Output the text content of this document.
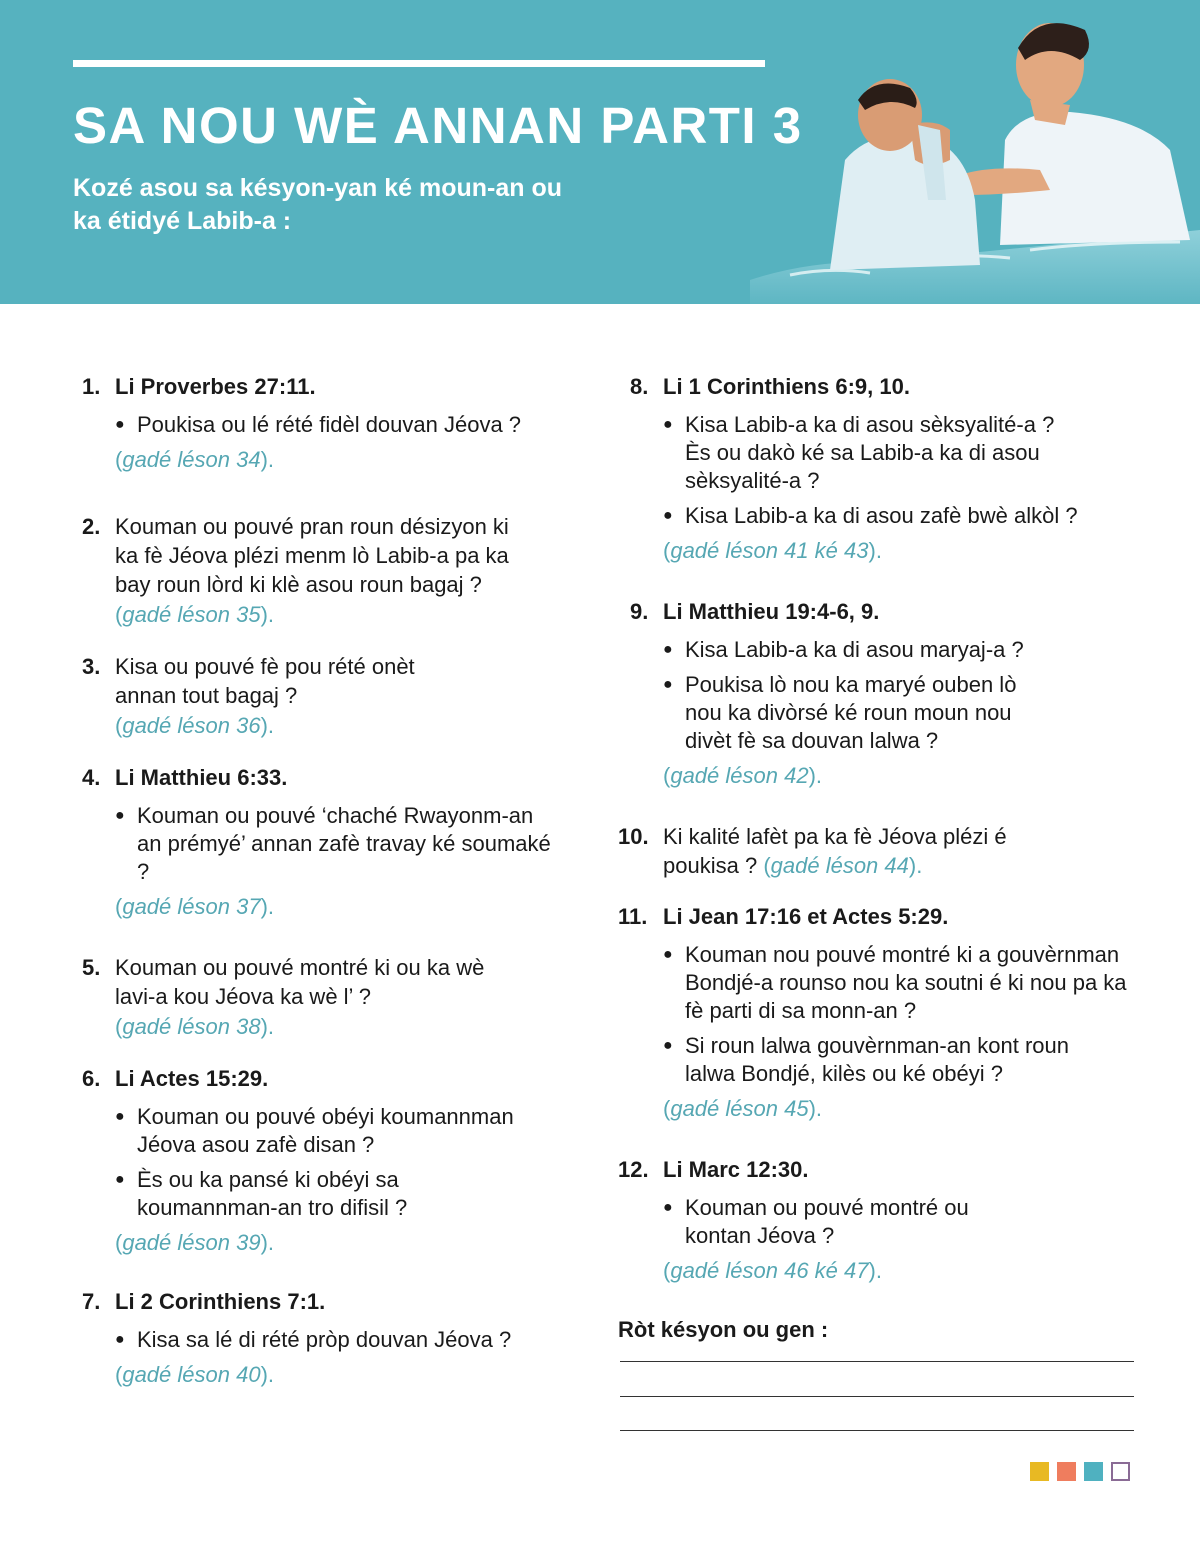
SA NOU WÈ ANNAN PARTI 3
Kozé asou sa késyon-yan ké moun-an ou ka étidyé Labib-a :
1. Li Proverbes 27:11.
● Poukisa ou lé rété fidèl douvan Jéova ?
(gadé léson 34).
2. Kouman ou pouvé pran roun désizyon ki ka fè Jéova plézi menm lò Labib-a pa ka bay roun lòrd ki klè asou roun bagaj ?
(gadé léson 35).
3. Kisa ou pouvé fè pou rété onèt annan tout bagaj ?
(gadé léson 36).
4. Li Matthieu 6:33.
● Kouman ou pouvé ‘chaché Rwayonm-an an prémyé’ annan zafè travay ké soumaké ?
(gadé léson 37).
5. Kouman ou pouvé montré ki ou ka wè lavi-a kou Jéova ka wè l’ ?
(gadé léson 38).
6. Li Actes 15:29.
● Kouman ou pouvé obéyi koumannman Jéova asou zafè disan ?
● Ès ou ka pansé ki obéyi sa koumannman-an tro difisil ?
(gadé léson 39).
7. Li 2 Corinthiens 7:1.
● Kisa sa lé di rété pròp douvan Jéova ?
(gadé léson 40).
8. Li 1 Corinthiens 6:9, 10.
● Kisa Labib-a ka di asou sèksyalité-a ? Ès ou dakò ké sa Labib-a ka di asou sèksyalité-a ?
● Kisa Labib-a ka di asou zafè bwè alkòl ?
(gadé léson 41 ké 43).
9. Li Matthieu 19:4-6, 9.
● Kisa Labib-a ka di asou maryaj-a ?
● Poukisa lò nou ka maryé ouben lò nou ka divòrsé ké roun moun nou divèt fè sa douvan lalwa ?
(gadé léson 42).
10. Ki kalité lafèt pa ka fè Jéova plézi é poukisa ? (gadé léson 44).
11. Li Jean 17:16 et Actes 5:29.
● Kouman nou pouvé montré ki a gouvèrnman Bondjé-a rounso nou ka soutni é ki nou pa ka fè parti di sa monn-an ?
● Si roun lalwa gouvèrnman-an kont roun lalwa Bondjé, kilès ou ké obéyi ?
(gadé léson 45).
12. Li Marc 12:30.
● Kouman ou pouvé montré ou kontan Jéova ?
(gadé léson 46 ké 47).
Ròt késyon ou gen :
